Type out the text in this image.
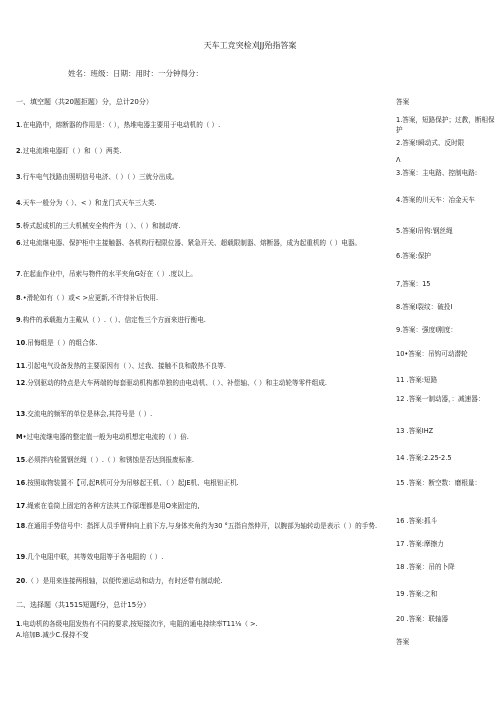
天车工竞突检刈JJ殆指答案
姓名：班级：日期：用时：一分钟得分：
一、填空题（共20题拒题）分，总计20分）
1.在电路中，熔断器的作用是：（ ），热堆电器主要用于电动机的（ ）.
2.过电流堆电器盯（ ）和（ ）两类.
3.行车电气找路由照明信号电济、（ ）（ ）三就分出成。
4.天车一般分为（ ）、< ）和龙门式天车三大类.
5.桥式起成机的三大机械安全构件为（ ）、（ ）和制动寄.
6.过电流继电器、保护柜中主接触器、各机构行程限位器、紧急开关、超载限制器、熔断器，成为起重机的（ ）电器。
7.在起血作业中，吊索与物件的水平夹角G好在（ ）.度以上。
8.•滑轮如有（ ）或< >应更新,不许恃补后快用.
9.构件的承载拖力主戴从（ ）.（ ）、信定性三个方面来进行衡电.
10.吊悔组是（ ）的组合体.
11.引起电气设备发热的主要原因有（ ）、过我、接触不良和散热不良等.
12.分别驱动的特点是大车两端的每套驱动机构都单独的由电动机、（ ）、补偿轴、（ ）和主动轮等零件组成.
13.交流电的频军的单位是林会,其符号是（ ）.
M•过电流继电器的整定值一般为电动机想定电流的（ ）倍.
15.必须拌内检置钢丝绳（ ）.（ ）和锈蚀是否达到报废标准.
16.按照取物装置不【可,起R机可分为吊够起王机、（ ）起JE机、电根钽正机.
17.绳索在卷筒上固定的各种方法其工作原理都是用O来固定的,
18.在通用手势信号中：指挥人员手臂伸向上前下方,与身体夹角约为30 °五指自然伸开，以腕部为轴转动是表示（ ）的手势.
19.几个电阻中联，其等效电阻等于各电阻的（ ）.
20.（ ）是用来连接两根轴，以便传递运动和动力，有时还带有制动轮.
二、选择题（共151S短题f分，总计15分）
1.电动机的各级电阻发热有不同的要求,按短接次序，电阻的通电持续率T11⅛（ >.
A.培加B.减少C.保持不变
答案
1.答案，短路保护；过教，断相保护
2.答案!瞬动式、反时限
Λ
3.答案：主电路、控制电路:
4.答案的川天车：冶金天车
5.答案I吊钩:钢丝绳
6.答案:保护
7,答案：15
8.答案I裂纹：破投I
9.答案：强度I刚度：
10•答案：吊钩可动潜轮
11 .答案:短路
12 .答案一制动器，：减速器：
13 .答案IHZ
14 .答案:2.25-2.5
15 .答案：断空数：磨根量：
16 .答案:抓斗
17 .答案:摩擦力
18 .答案：吊的卜降
19 .答案:之和
20 .答案：联轴器
答案
